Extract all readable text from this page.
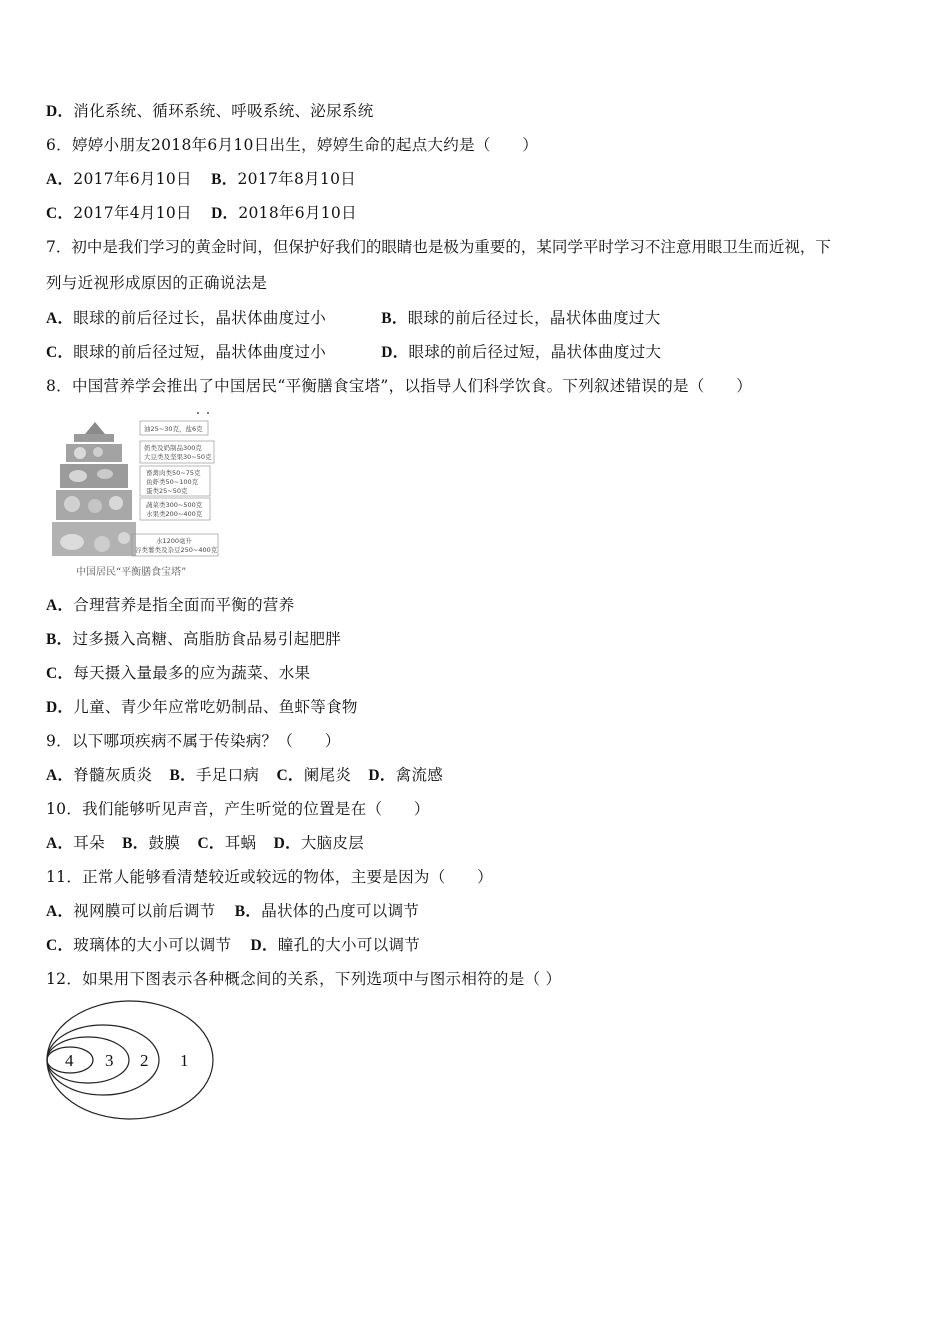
D．消化系统、循环系统、呼吸系统、泌尿系统
6．婷婷小朋友2018年6月10日出生，婷婷生命的起点大约是（　　）
A．2017年6月10日 B．2017年8月10日
C．2017年4月10日 D．2018年6月10日
7．初中是我们学习的黄金时间，但保护好我们的眼睛也是极为重要的，某同学平时学习不注意用眼卫生而近视，下
列与近视形成原因的正确说法是
A．眼球的前后径过长，晶状体曲度过小	B．眼球的前后径过长，晶状体曲度过大
C．眼球的前后径过短，晶状体曲度过小	D．眼球的前后径过短，晶状体曲度过大
8．中国营养学会推出了中国居民“平衡膳食宝塔”，以指导人们科学饮食。下列叙述错误的是（　　）
油25~30克，盐6克
奶类及奶制品300克
大豆类及坚果30~50克
畜禽肉类50~75克
鱼虾类50~100克
蛋类25~50克
蔬菜类300~500克
水果类200~400克
水1200毫升
谷类薯类及杂豆250~400克
中国居民“平衡膳食宝塔”
A．合理营养是指全面而平衡的营养
B．过多摄入高糖、高脂肪食品易引起肥胖
C．每天摄入量最多的应为蔬菜、水果
D．儿童、青少年应常吃奶制品、鱼虾等食物
9．以下哪项疾病不属于传染病？（　　）
A．脊髓灰质炎 B．手足口病 C．阑尾炎 D．禽流感
10．我们能够听见声音，产生听觉的位置是在（　　）
A．耳朵 B．鼓膜 C．耳蜗 D．大脑皮层
11．正常人能够看清楚较近或较远的物体，主要是因为（　　）
A．视网膜可以前后调节 B．晶状体的凸度可以调节
C．玻璃体的大小可以调节 D．瞳孔的大小可以调节
12．如果用下图表示各种概念间的关系，下列选项中与图示相符的是（ ）
4 3 2 1
